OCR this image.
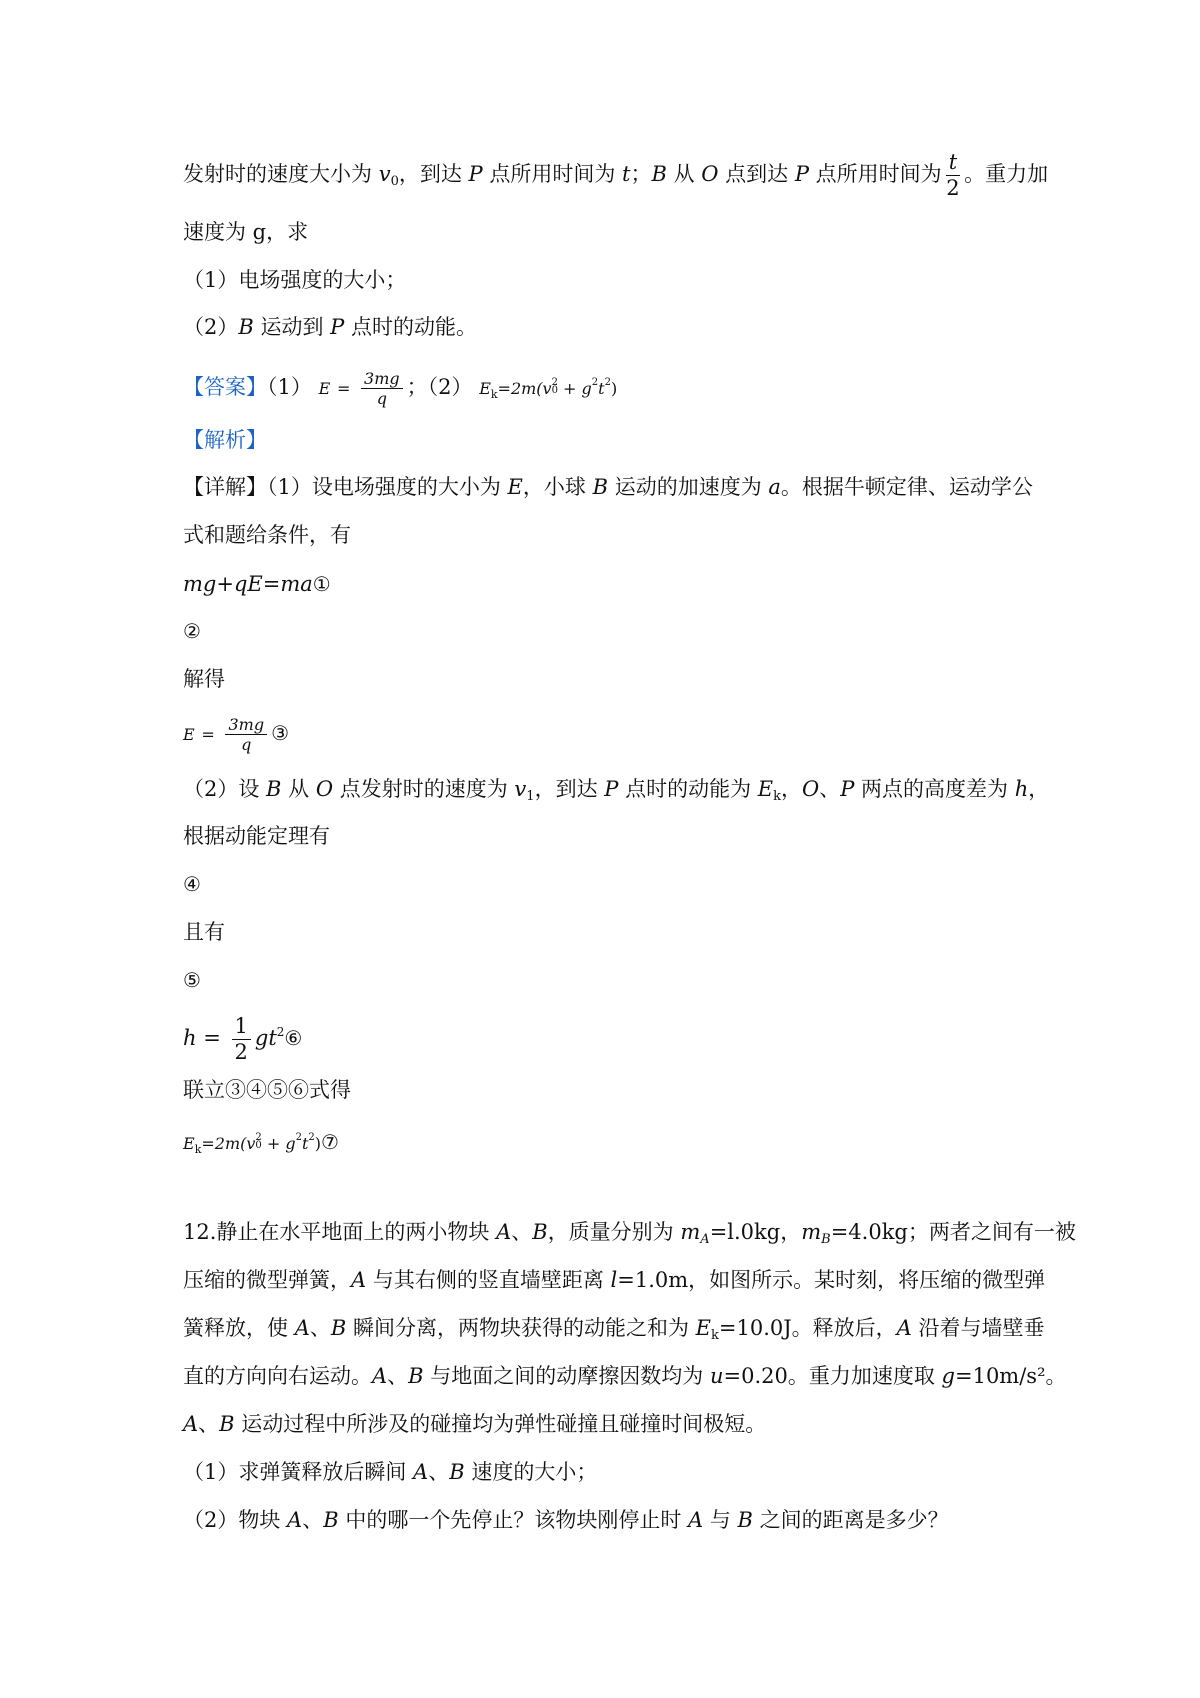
发射时的速度大小为 $v_0$，到达 P 点所用时间为 t；B 从 O 点到达 P 点所用时间为 $\frac{t}{2}$ 。重力加
速度为 g，求
（1）电场强度的大小；
（2）B 运动到 P 点时的动能。
【答案】（1） $E = \frac{3mg}{q}$ ；（2） $E_k=2m(v$ 2
$0 + g^2t^2$)
【解析】
【详解】（1）设电场强度的大小为 E，小球 B 运动的加速度为 a。根据牛顿定律、运动学公
式和题给条件，有
mg+qE=ma①
②
解得
$E = \frac{3mg}{q}$ ③
（2）设 B 从 O 点发射时的速度为 $v_1$，到达 P 点时的动能为 $E_k$，O、P 两点的高度差为 h，
根据动能定理有
④
且有
⑤
$h = \frac{1}{2}$ $gt^2⑥$
联立③④⑤⑥式得
$E_k=2m(v$ 2
$0 + g^2t^2)⑦$
12.静止在水平地面上的两小物块 A、B，质量分别为 $m_A=l.0kg$，$m_B=4.0kg$；两者之间有一被
压缩的微型弹簧，A 与其右侧的竖直墙壁距离 l=1.0m，如图所示。某时刻，将压缩的微型弹
簧释放，使 A、B 瞬间分离，两物块获得的动能之和为 $E_k=10.0J$。释放后，A 沿着与墙壁垂
直的方向向右运动。A、B 与地面之间的动摩擦因数均为 u=0.20。重力加速度取 g=10m/s²。
A、B 运动过程中所涉及的碰撞均为弹性碰撞且碰撞时间极短。
（1）求弹簧释放后瞬间 A、B 速度的大小；
（2）物块 A、B 中的哪一个先停止？该物块刚停止时 A 与 B 之间的距离是多少？
